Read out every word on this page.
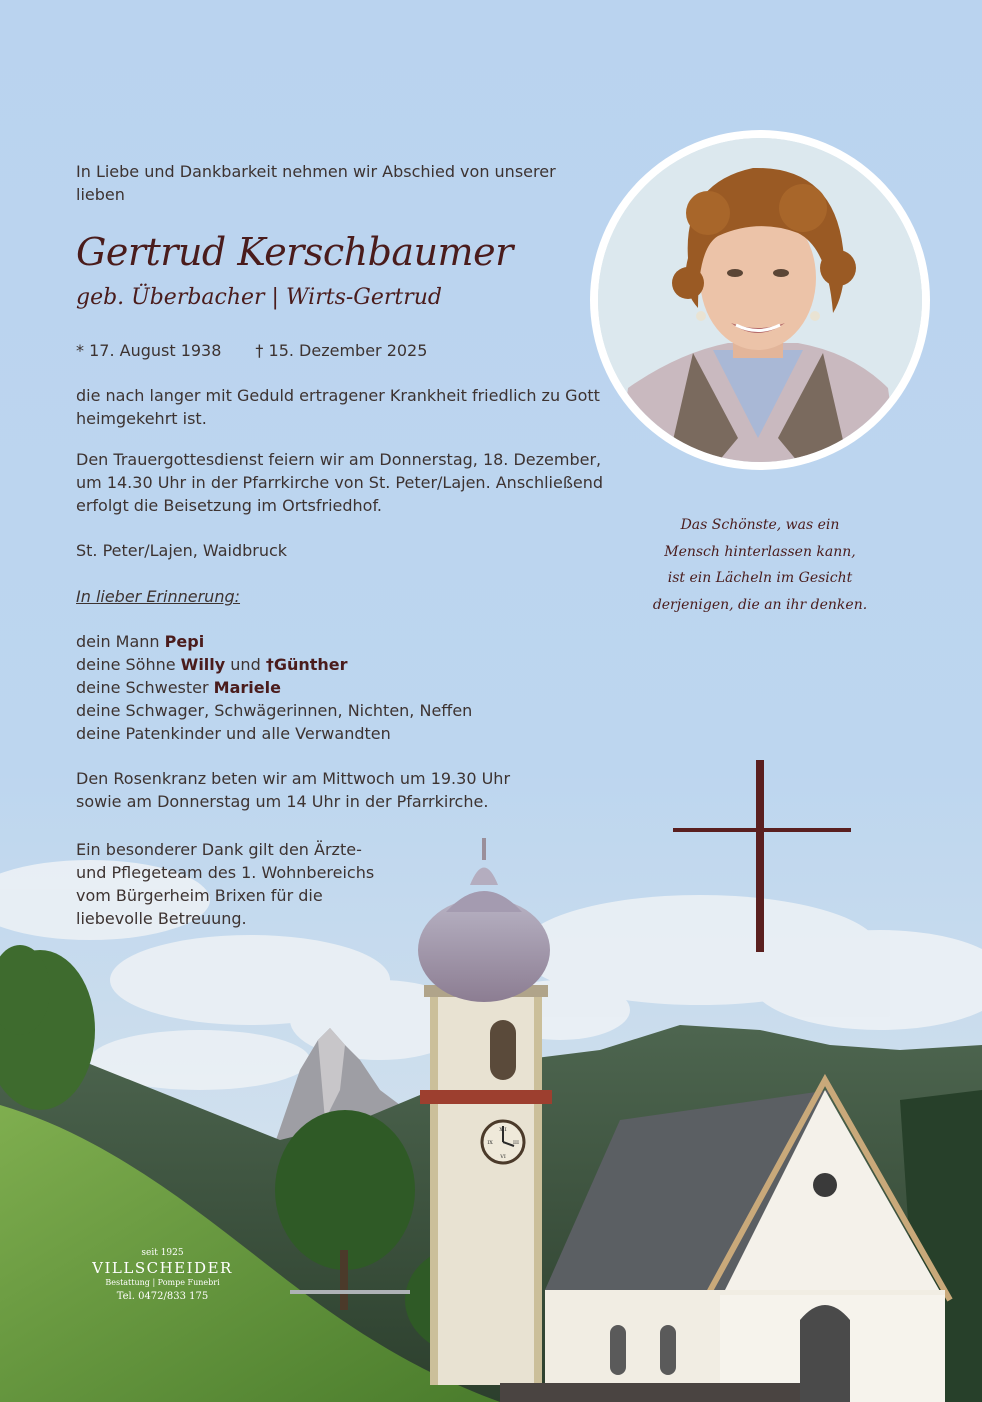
XII
III
VI
IX
In Liebe und Dankbarkeit nehmen wir Abschied von unserer lieben
Gertrud Kerschbaumer
geb. Überbacher | Wirts-Gertrud
* 17. August 1938 † 15. Dezember 2025
die nach langer mit Geduld ertragener Krankheit friedlich zu Gott heimgekehrt ist.
Den Trauergottesdienst feiern wir am Donnerstag, 18. Dezember, um 14.30 Uhr in der Pfarrkirche von St. Peter/Lajen. Anschließend erfolgt die Beisetzung im Ortsfriedhof.
St. Peter/Lajen, Waidbruck
In lieber Erinnerung:
dein Mann Pepi
deine Söhne Willy und †Günther
deine Schwester Mariele
deine Schwager, Schwägerinnen, Nichten, Neffen
deine Patenkinder und alle Verwandten
Den Rosenkranz beten wir am Mittwoch um 19.30 Uhr sowie am Donnerstag um 14 Uhr in der Pfarrkirche.
Ein besonderer Dank gilt den Ärzte- und Pflegeteam des 1. Wohnbereichs vom Bürgerheim Brixen für die liebevolle Betreuung.
Das Schönste, was ein
Mensch hinterlassen kann,
ist ein Lächeln im Gesicht
derjenigen, die an ihr denken.
seit 1925
VILLSCHEIDER
Bestattung | Pompe Funebri
Tel. 0472/833 175
